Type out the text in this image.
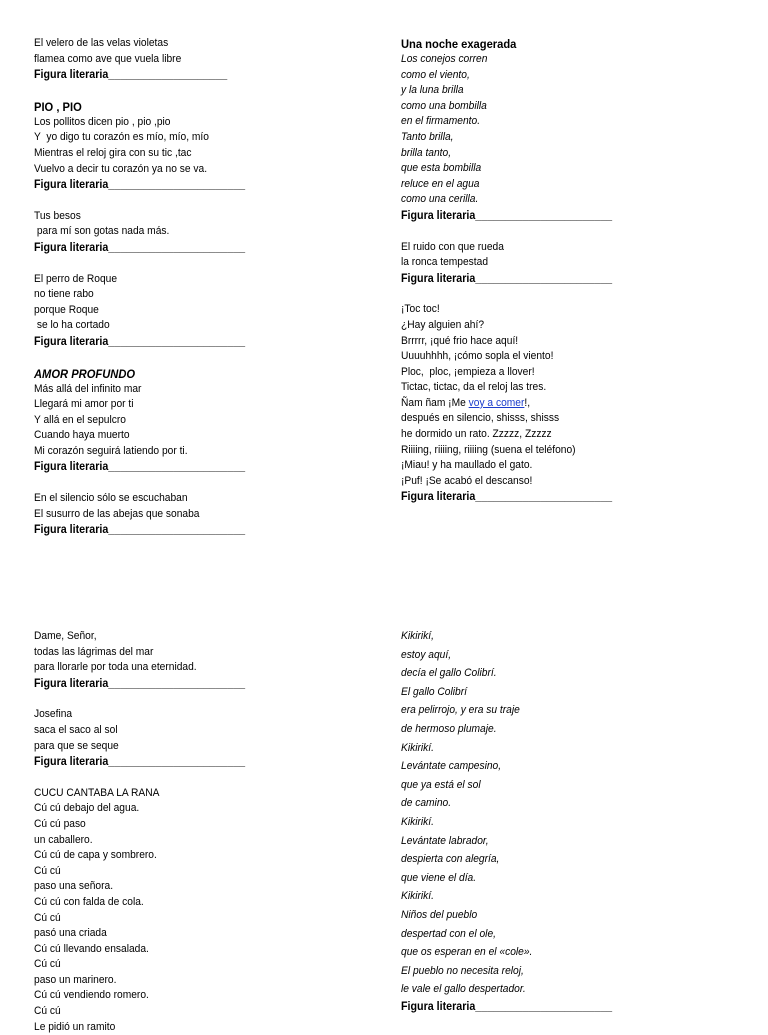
El velero de las velas violetas
flamea como ave que vuela libre
Figura literaria____________________
PIO , PIO
Los pollitos dicen pio , pio ,pio
Y  yo digo tu corazón es mío, mío, mío
Mientras el reloj gira con su tic ,tac
Vuelvo a decir tu corazón ya no se va.
Figura literaria_______________________
Tus besos
para mí son gotas nada más.
Figura literaria_______________________
El perro de Roque
no tiene rabo
porque Roque
se lo ha cortado
Figura literaria_______________________
AMOR PROFUNDO
Más allá del infinito mar
Llegará mi amor por ti
Y allá en el sepulcro
Cuando haya muerto
Mi corazón seguirá latiendo por ti.
Figura literaria_______________________
En el silencio sólo se escuchaban
El susurro de las abejas que sonaba
Figura literaria_______________________
Una noche exagerada
Los conejos corren
como el viento,
y la luna brilla
como una bombilla
en el firmamento.
Tanto brilla,
brilla tanto,
que esta bombilla
reluce en el agua
como una cerilla.
Figura literaria_______________________
El ruido con que rueda
la ronca tempestad
Figura literaria_______________________
¡Toc toc!
¿Hay alguien ahí?
Brrrrr, ¡qué frio hace aquí!
Uuuuhhhh, ¡cómo sopla el viento!
Ploc,  ploc, ¡empieza a llover!
Tictac, tictac, da el reloj las tres.
Ñam ñam ¡Me voy a comer!,
después en silencio, shisss, shisss
he dormido un rato. Zzzzz, Zzzzz
Riiiing, riiiing, riiiing (suena el teléfono)
¡Miau! y ha maullado el gato.
¡Puf! ¡Se acabó el descanso!
Figura literaria_______________________
Dame, Señor,
todas las lágrimas del mar
para llorarle por toda una eternidad.
Figura literaria_______________________
Josefina
saca el saco al sol
para que se seque
Figura literaria_______________________
CUCU CANTABA LA RANA
Cú cú debajo del agua.
Cú cú paso
un caballero.
Cú cú de capa y sombrero.
Cú cú
paso una señora.
Cú cú con falda de cola.
Cú cú
pasó una criada
Cú cú llevando ensalada.
Cú cú
paso un marinero.
Cú cú vendiendo romero.
Cú cú
Le pidió un ramito
Kikirikí,
estoy aquí,
decía el gallo Colibrí.
El gallo Colibrí
era pelirrojo, y era su traje
de hermoso plumaje.
Kikirikí.
Levántate campesino,
que ya está el sol
de camino.
Kikirikí.
Levántate labrador,
despierta con alegría,
que viene el día.
Kikirikí.
Niños del pueblo
despertad con el ole,
que os esperan en el «cole».
El pueblo no necesita reloj,
le vale el gallo despertador.
Figura literaria_______________________
